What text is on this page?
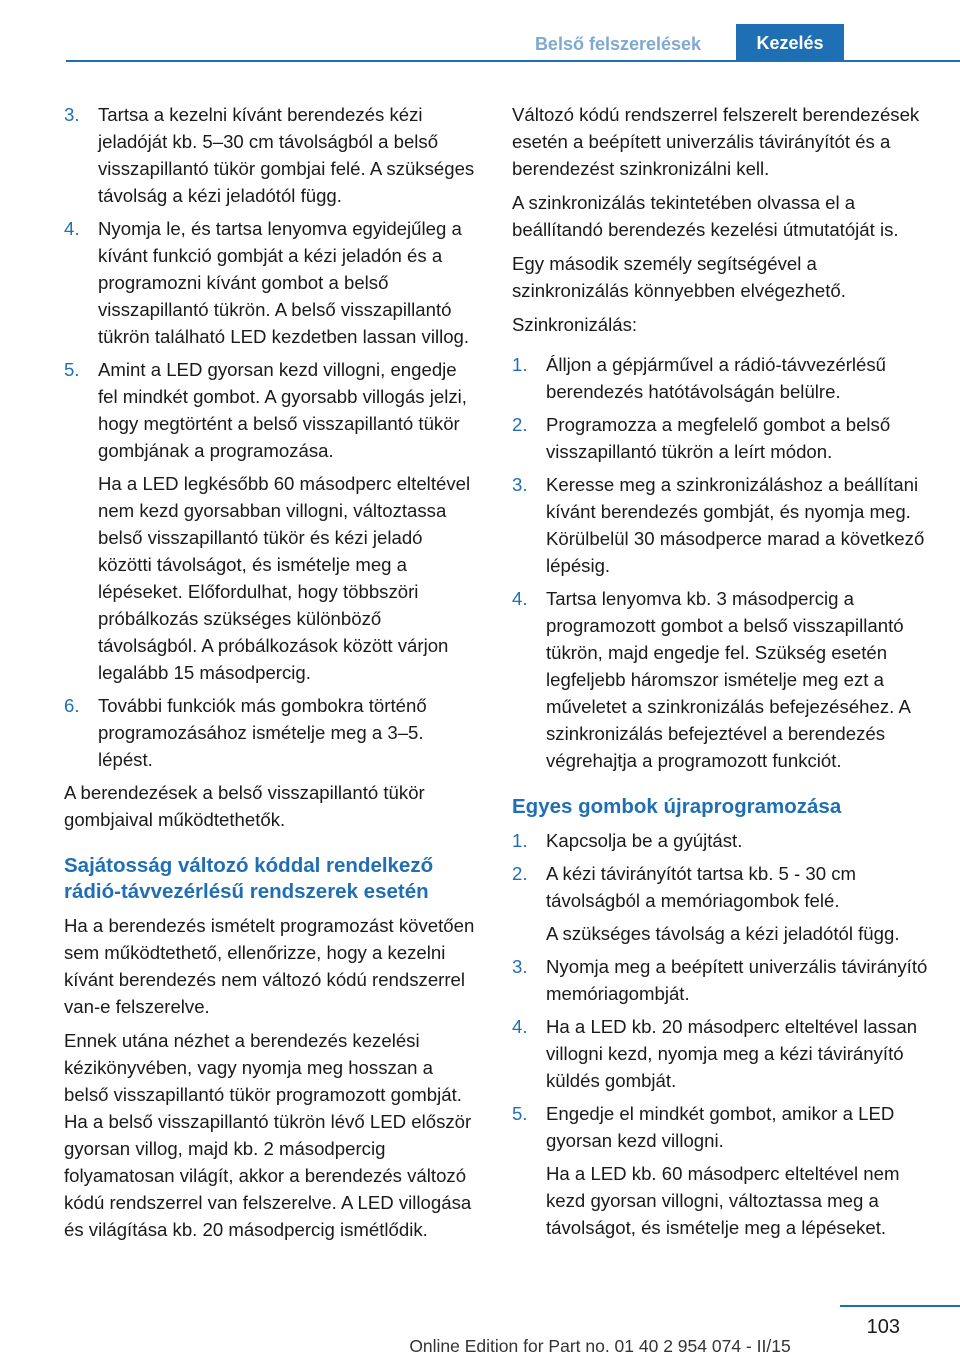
Belső felszerelések	Kezelés
3. Tartsa a kezelni kívánt berendezés kézi jeladóját kb. 5–30 cm távolságból a belső visszapillantó tükör gombjai felé. A szükséges távolság a kézi jeladótól függ.

4. Nyomja le, és tartsa lenyomva egyidejűleg a kívánt funkció gombját a kézi jeladón és a programozni kívánt gombot a belső visszapillantó tükrön. A belső visszapillantó tükrön található LED kezdetben lassan villog.

5. Amint a LED gyorsan kezd villogni, engedje fel mindkét gombot. A gyorsabb villogás jelzi, hogy megtörtént a belső visszapillantó tükör gombjának a programozása.

Ha a LED legkésőbb 60 másodperc elteltével nem kezd gyorsabban villogni, változtassa belső visszapillantó tükör és kézi jeladó közötti távolságot, és ismételje meg a lépéseket. Előfordulhat, hogy többszöri próbálkozás szükséges különböző távolságból. A próbálkozások között várjon legalább 15 másodpercig.

6. További funkciók más gombokra történő programozásához ismételje meg a 3–5. lépést.

A berendezések a belső visszapillantó tükör gombjaival működtethetők.

Sajátosság változó kóddal rendelkező rádió-távvezérlésű rendszerek esetén

Ha a berendezés ismételt programozást követően sem működtethető, ellenőrizze, hogy a kezelni kívánt berendezés nem változó kódú rendszerrel van-e felszerelve.

Ennek utána nézhet a berendezés kezelési kézikönyvében, vagy nyomja meg hosszan a belső visszapillantó tükör programozott gombját. Ha a belső visszapillantó tükrön lévő LED először gyorsan villog, majd kb. 2 másodpercig folyamatosan világít, akkor a berendezés változó kódú rendszerrel van felszerelve. A LED villogása és világítása kb. 20 másodpercig ismétlődik.

Változó kódú rendszerrel felszerelt berendezések esetén a beépített univerzális távirányítót és a berendezést szinkronizálni kell.

A szinkronizálás tekintetében olvassa el a beállítandó berendezés kezelési útmutatóját is.

Egy második személy segítségével a szinkronizálás könnyebben elvégezhető.

Szinkronizálás:

1. Álljon a gépjárművel a rádió-távvezérlésű berendezés hatótávolságán belülre.

2. Programozza a megfelelő gombot a belső visszapillantó tükrön a leírt módon.

3. Keresse meg a szinkronizáláshoz a beállítani kívánt berendezés gombját, és nyomja meg. Körülbelül 30 másodperce marad a következő lépésig.

4. Tartsa lenyomva kb. 3 másodpercig a programozott gombot a belső visszapillantó tükrön, majd engedje fel. Szükség esetén legfeljebb háromszor ismételje meg ezt a műveletet a szinkronizálás befejezéséhez. A szinkronizálás befejeztével a berendezés végrehajtja a programozott funkciót.

Egyes gombok újraprogramozása
1. Kapcsolja be a gyújtást.

2. A kézi távirányítót tartsa kb. 5 - 30 cm távolságból a memóriagombok felé.

A szükséges távolság a kézi jeladótól függ.

3. Nyomja meg a beépített univerzális távirányító memóriagombját.

4. Ha a LED kb. 20 másodperc elteltével lassan villogni kezd, nyomja meg a kézi távirányító küldés gombját.

5. Engedje el mindkét gombot, amikor a LED gyorsan kezd villogni.

Ha a LED kb. 60 másodperc elteltével nem kezd gyorsan villogni, változtassa meg a távolságot, és ismételje meg a lépéseket.

103
Online Edition for Part no. 01 40 2 954 074 - II/15
